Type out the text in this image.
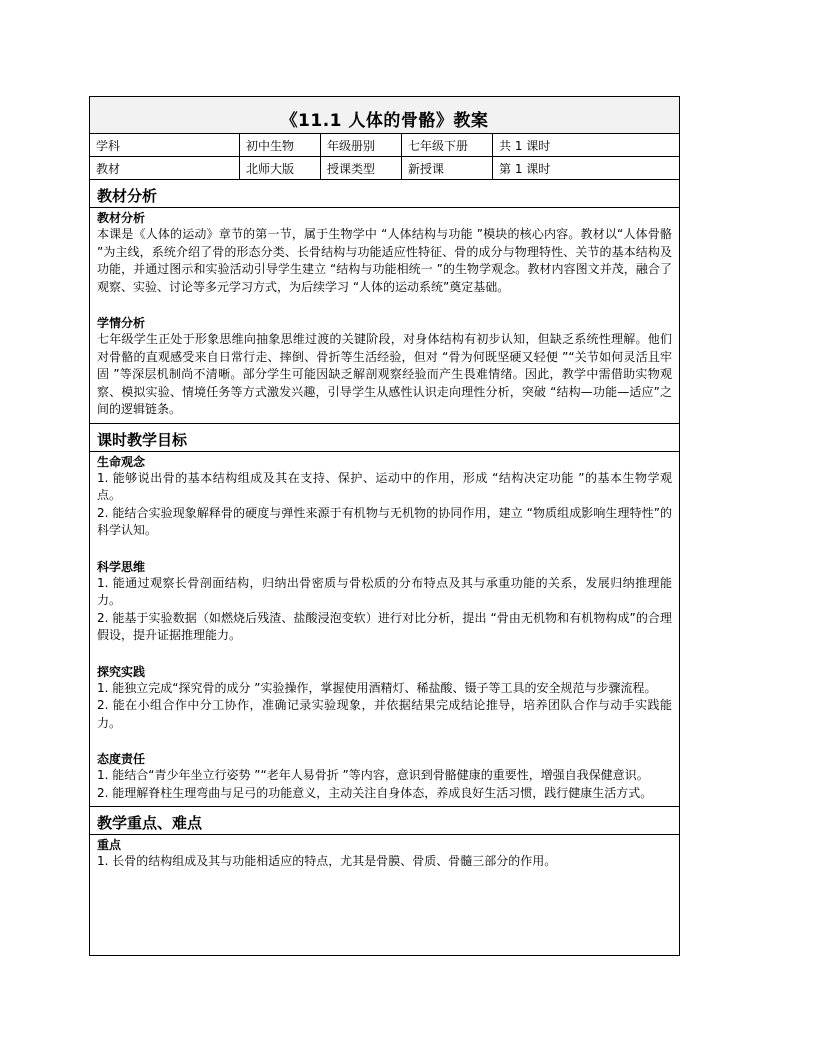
《11.1 人体的骨骼》教案
学科	初中生物	年级册别	七年级下册	共 1 课时
教材	北师大版	授课类型	新授课	第 1 课时
教材分析
教材分析
本课是《人体的运动》章节的第一节，属于生物学中 “人体结构与功能 ”模块的核心内容。教材以“人体骨骼 ”为主线，系统介绍了骨的形态分类、长骨结构与功能适应性特征、骨的成分与物理特性、关节的基本结构及功能，并通过图示和实验活动引导学生建立 “结构与功能相统一 ”的生物学观念。教材内容图文并茂，融合了观察、实验、讨论等多元学习方式，为后续学习 “人体的运动系统”奠定基础。
学情分析
七年级学生正处于形象思维向抽象思维过渡的关键阶段，对身体结构有初步认知，但缺乏系统性理解。他们对骨骼的直观感受来自日常行走、摔倒、骨折等生活经验，但对 “骨为何既坚硬又轻便 ”“关节如何灵活且牢固 ”等深层机制尚不清晰。部分学生可能因缺乏解剖观察经验而产生畏难情绪。因此，教学中需借助实物观察、模拟实验、情境任务等方式激发兴趣，引导学生从感性认识走向理性分析，突破 “结构—功能—适应”之间的逻辑链条。
课时教学目标
生命观念
1. 能够说出骨的基本结构组成及其在支持、保护、运动中的作用，形成 “结构决定功能 ”的基本生物学观点。
2. 能结合实验现象解释骨的硬度与弹性来源于有机物与无机物的协同作用，建立 “物质组成影响生理特性”的科学认知。
科学思维
1. 能通过观察长骨剖面结构，归纳出骨密质与骨松质的分布特点及其与承重功能的关系，发展归纳推理能力。
2. 能基于实验数据（如燃烧后残渣、盐酸浸泡变软）进行对比分析，提出 “骨由无机物和有机物构成”的合理假设，提升证据推理能力。
探究实践
1. 能独立完成“探究骨的成分 ”实验操作，掌握使用酒精灯、稀盐酸、镊子等工具的安全规范与步骤流程。
2. 能在小组合作中分工协作，准确记录实验现象，并依据结果完成结论推导，培养团队合作与动手实践能力。
态度责任
1. 能结合“青少年坐立行姿势 ”“老年人易骨折 ”等内容，意识到骨骼健康的重要性，增强自我保健意识。
2. 能理解脊柱生理弯曲与足弓的功能意义，主动关注自身体态，养成良好生活习惯，践行健康生活方式。
教学重点、难点
重点
1. 长骨的结构组成及其与功能相适应的特点，尤其是骨膜、骨质、骨髓三部分的作用。
